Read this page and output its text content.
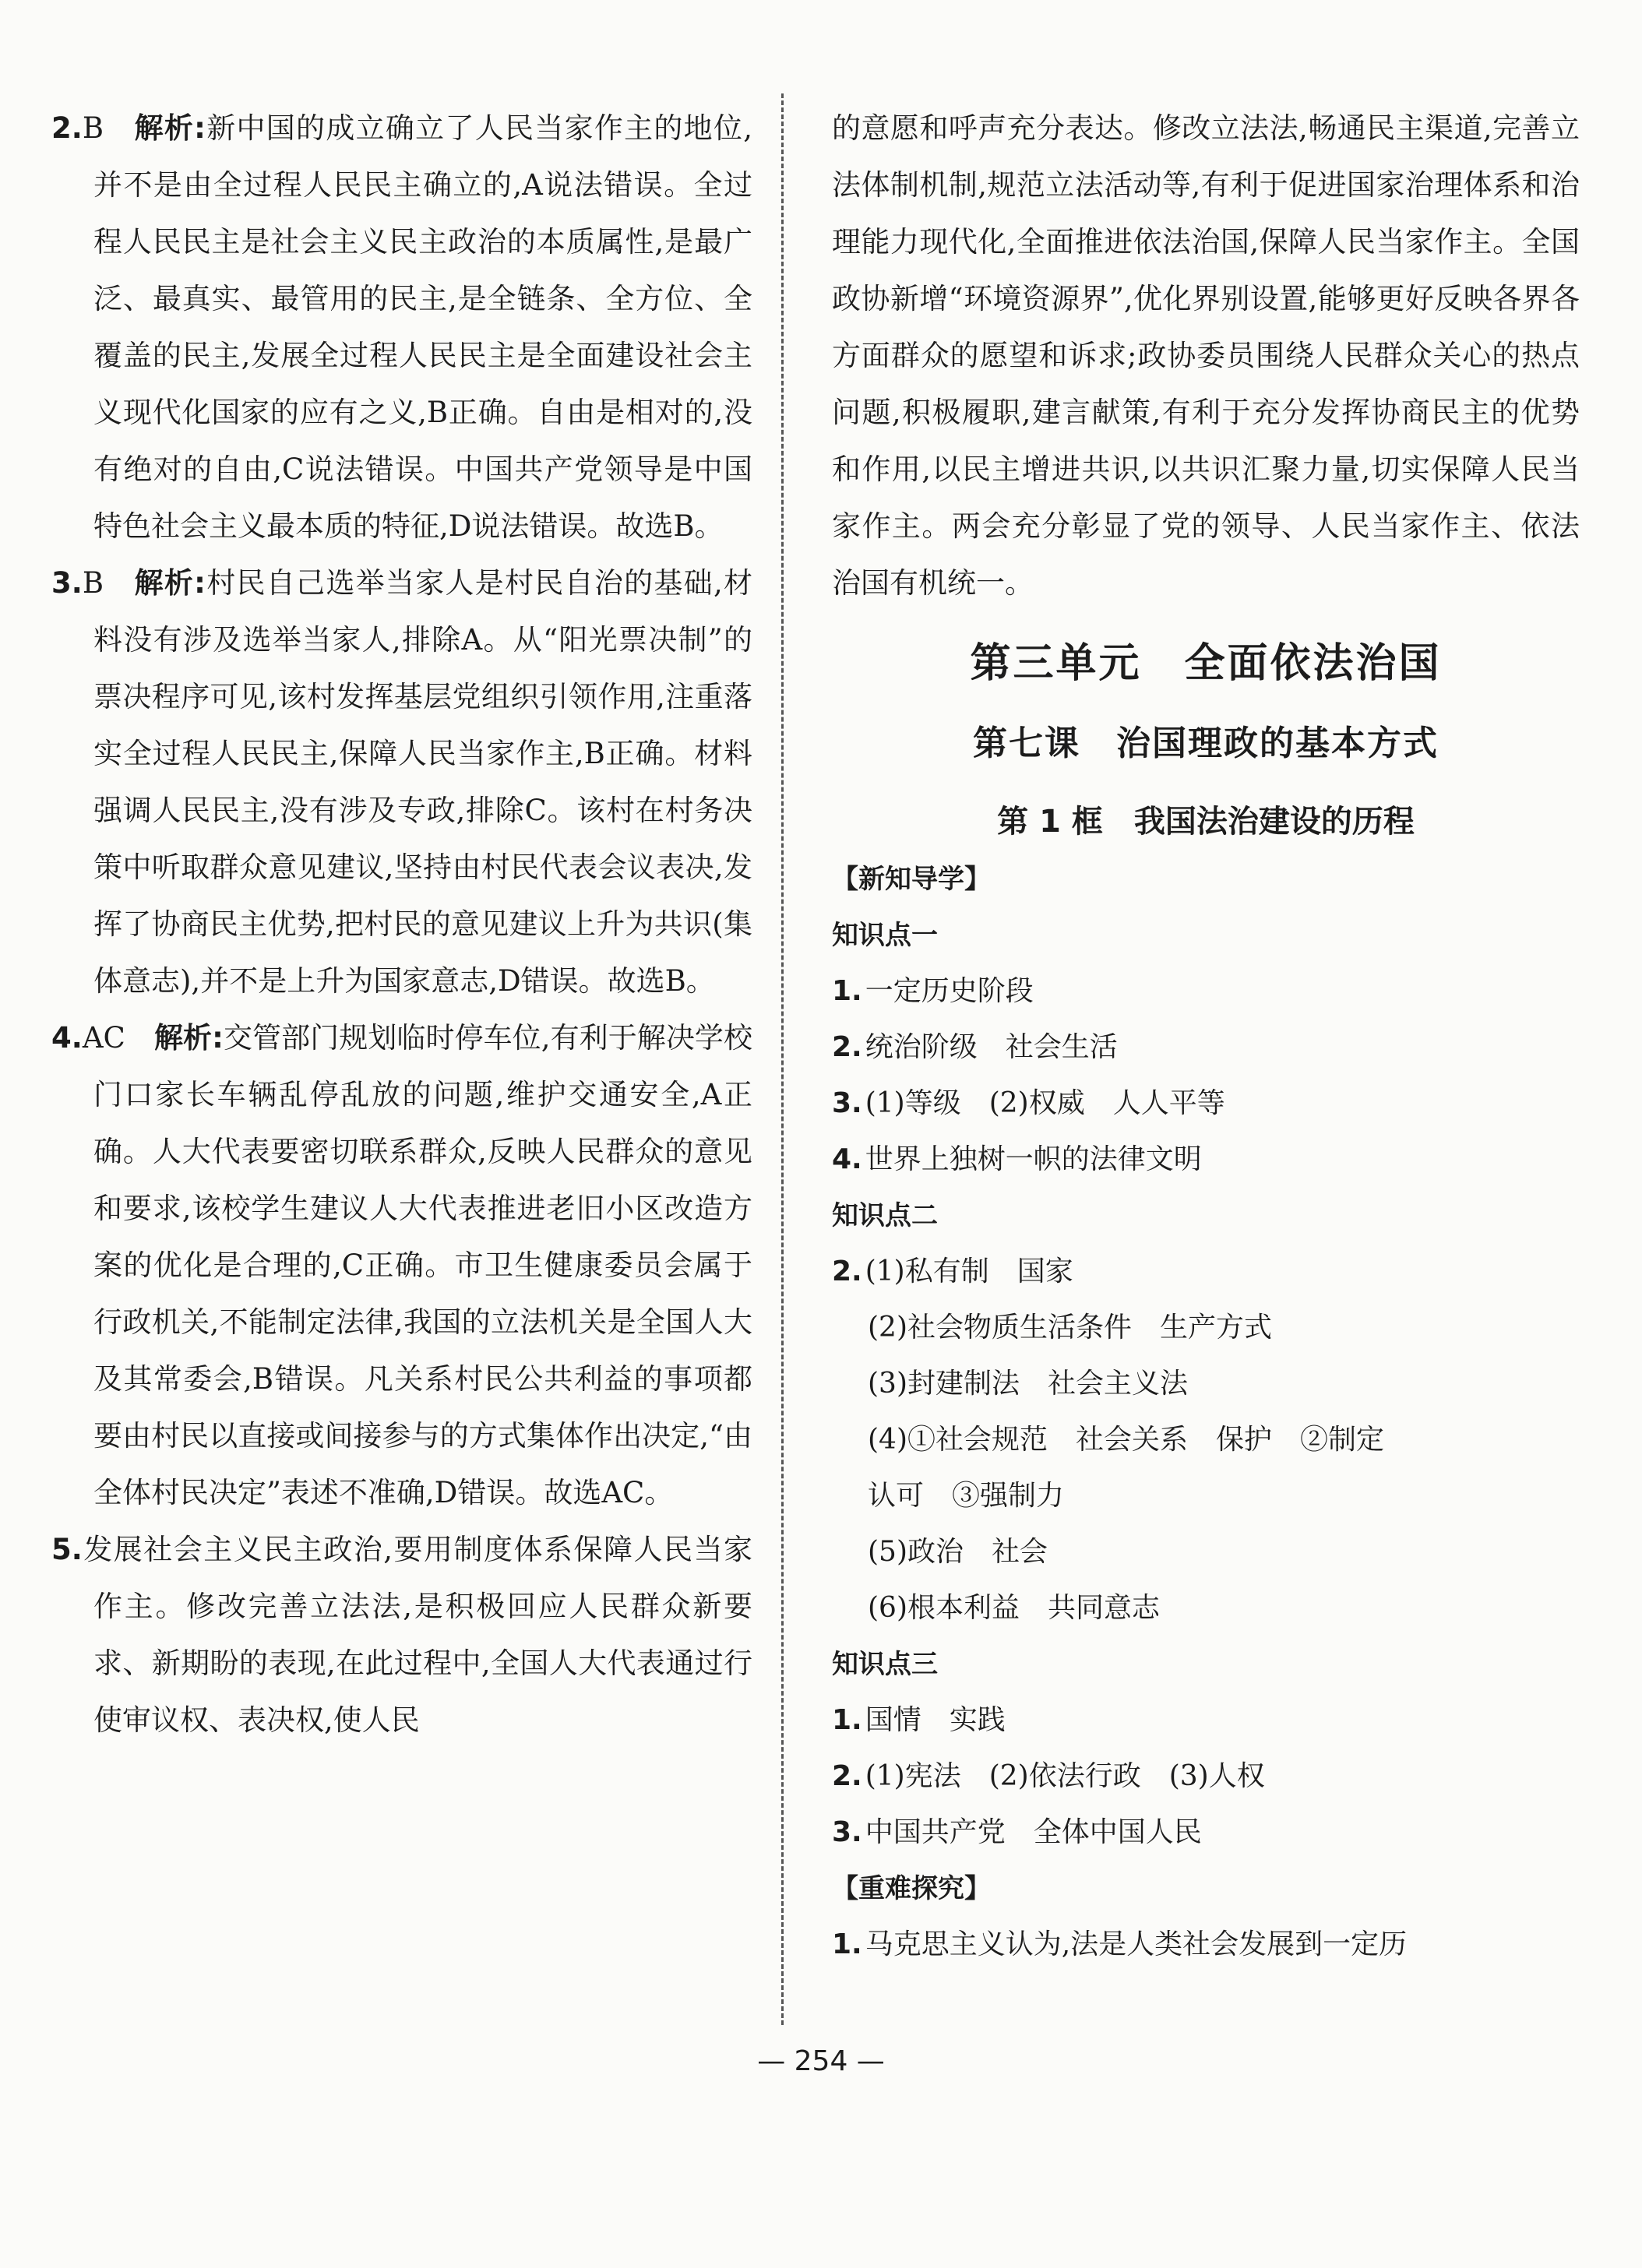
2.B　 解析:新中国的成立确立了人民当家作主的地位,并不是由全过程人民民主确立的,A说法错误。全过程人民民主是社会主义民主政治的本质属性,是最广泛、最真实、最管用的民主,是全链条、全方位、全覆盖的民主,发展全过程人民民主是全面建设社会主义现代化国家的应有之义,B正确。自由是相对的,没有绝对的自由,C说法错误。中国共产党领导是中国特色社会主义最本质的特征,D说法错误。故选B。

3.B　 解析:村民自己选举当家人是村民自治的基础,材料没有涉及选举当家人,排除A。从“阳光票决制”的票决程序可见,该村发挥基层党组织引领作用,注重落实全过程人民民主,保障人民当家作主,B正确。材料强调人民民主,没有涉及专政,排除C。该村在村务决策中听取群众意见建议,坚持由村民代表会议表决,发挥了协商民主优势,把村民的意见建议上升为共识(集体意志),并不是上升为国家意志,D错误。故选B。

4.AC　 解析:交管部门规划临时停车位,有利于解决学校门口家长车辆乱停乱放的问题,维护交通安全,A正确。人大代表要密切联系群众,反映人民群众的意见和要求,该校学生建议人大代表推进老旧小区改造方案的优化是合理的,C正确。市卫生健康委员会属于行政机关,不能制定法律,我国的立法机关是全国人大及其常委会,B错误。凡关系村民公共利益的事项都要由村民以直接或间接参与的方式集体作出决定,“由全体村民决定”表述不准确,D错误。故选AC。

5.发展社会主义民主政治,要用制度体系保障人民当家作主。修改完善立法法,是积极回应人民群众新要求、新期盼的表现,在此过程中,全国人大代表通过行使审议权、表决权,使人民

的意愿和呼声充分表达。修改立法法,畅通民主渠道,完善立法体制机制,规范立法活动等,有利于促进国家治理体系和治理能力现代化,全面推进依法治国,保障人民当家作主。全国政协新增“环境资源界”,优化界别设置,能够更好反映各界各方面群众的愿望和诉求;政协委员围绕人民群众关心的热点问题,积极履职,建言献策,有利于充分发挥协商民主的优势和作用,以民主增进共识,以共识汇聚力量,切实保障人民当家作主。两会充分彰显了党的领导、人民当家作主、依法治国有机统一。

第三单元　全面依法治国
第七课　治国理政的基本方式
第 1 框　我国法治建设的历程

【新知导学】

知识点一

1. 一定历史阶段

2. 统治阶级　社会生活

3. (1)等级　(2)权威　人人平等

4. 世界上独树一帜的法律文明

知识点二

2. (1)私有制　国家

(2)社会物质生活条件　生产方式

(3)封建制法　社会主义法

(4)①社会规范　社会关系　保护　②制定

认可　③强制力

(5)政治　社会

(6)根本利益　共同意志

知识点三

1. 国情　实践

2. (1)宪法　(2)依法行政　(3)人权

3. 中国共产党　全体中国人民

【重难探究】

1. 马克思主义认为,法是人类社会发展到一定历

— 254 —
